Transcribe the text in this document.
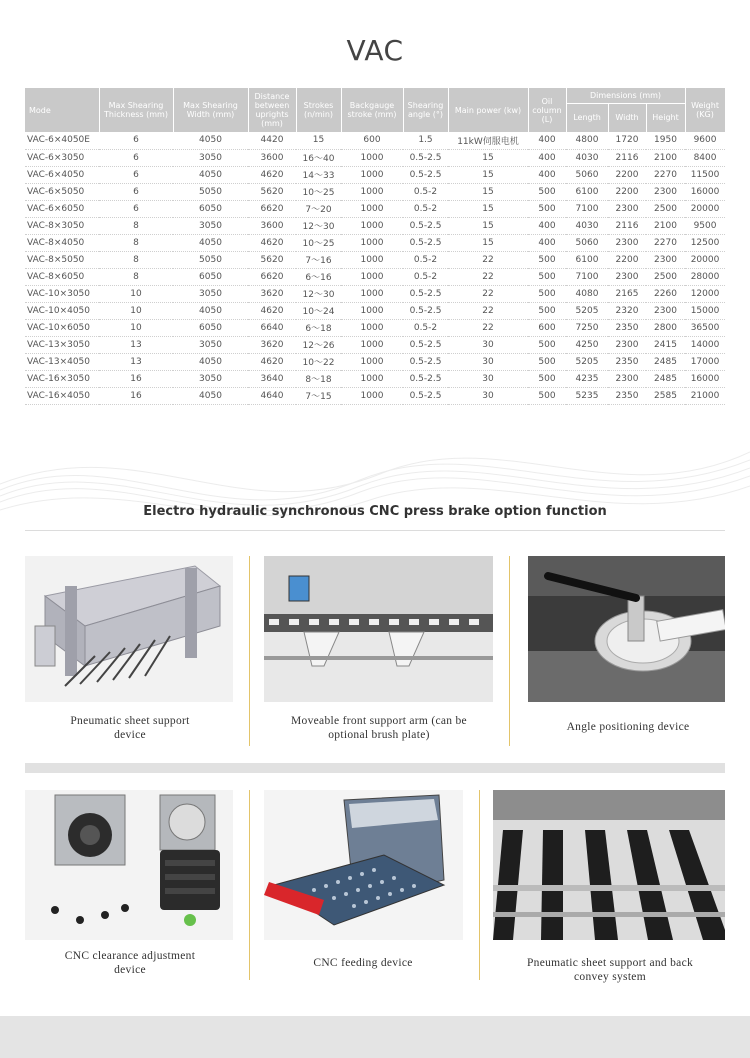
VAC
Mode	Max Shearing Thickness (mm)	Max Shearing Width (mm)	Distance between uprights (mm)	Strokes (n/min)	Backgauge stroke (mm)	Shearing angle (°)	Main power (kw)	Oil column (L)	Dimensions (mm)			Weight (KG)
									Length	Width	Height	
VAC-6×4050E	6	4050	4420	15	600	1.5	11kW伺服电机	400	4800	1720	1950	9600
VAC-6×3050	6	3050	3600	16～40	1000	0.5-2.5	15	400	4030	2116	2100	8400
VAC-6×4050	6	4050	4620	14～33	1000	0.5-2.5	15	400	5060	2200	2270	11500
VAC-6×5050	6	5050	5620	10～25	1000	0.5-2	15	500	6100	2200	2300	16000
VAC-6×6050	6	6050	6620	7～20	1000	0.5-2	15	500	7100	2300	2500	20000
VAC-8×3050	8	3050	3600	12～30	1000	0.5-2.5	15	400	4030	2116	2100	9500
VAC-8×4050	8	4050	4620	10～25	1000	0.5-2.5	15	400	5060	2300	2270	12500
VAC-8×5050	8	5050	5620	7～16	1000	0.5-2	22	500	6100	2200	2300	20000
VAC-8×6050	8	6050	6620	6～16	1000	0.5-2	22	500	7100	2300	2500	28000
VAC-10×3050	10	3050	3620	12～30	1000	0.5-2.5	22	500	4080	2165	2260	12000
VAC-10×4050	10	4050	4620	10～24	1000	0.5-2.5	22	500	5205	2320	2300	15000
VAC-10×6050	10	6050	6640	6～18	1000	0.5-2	22	600	7250	2350	2800	36500
VAC-13×3050	13	3050	3620	12～26	1000	0.5-2.5	30	500	4250	2300	2415	14000
VAC-13×4050	13	4050	4620	10～22	1000	0.5-2.5	30	500	5205	2350	2485	17000
VAC-16×3050	16	3050	3640	8～18	1000	0.5-2.5	30	500	4235	2300	2485	16000
VAC-16×4050	16	4050	4640	7～15	1000	0.5-2.5	30	500	5235	2350	2585	21000
Electro hydraulic synchronous CNC press brake option function
Pneumatic sheet support device
Moveable front support arm (can be optional brush plate)
Angle positioning device
CNC clearance adjustment device
CNC feeding device	Pneumatic sheet support and back convey system
